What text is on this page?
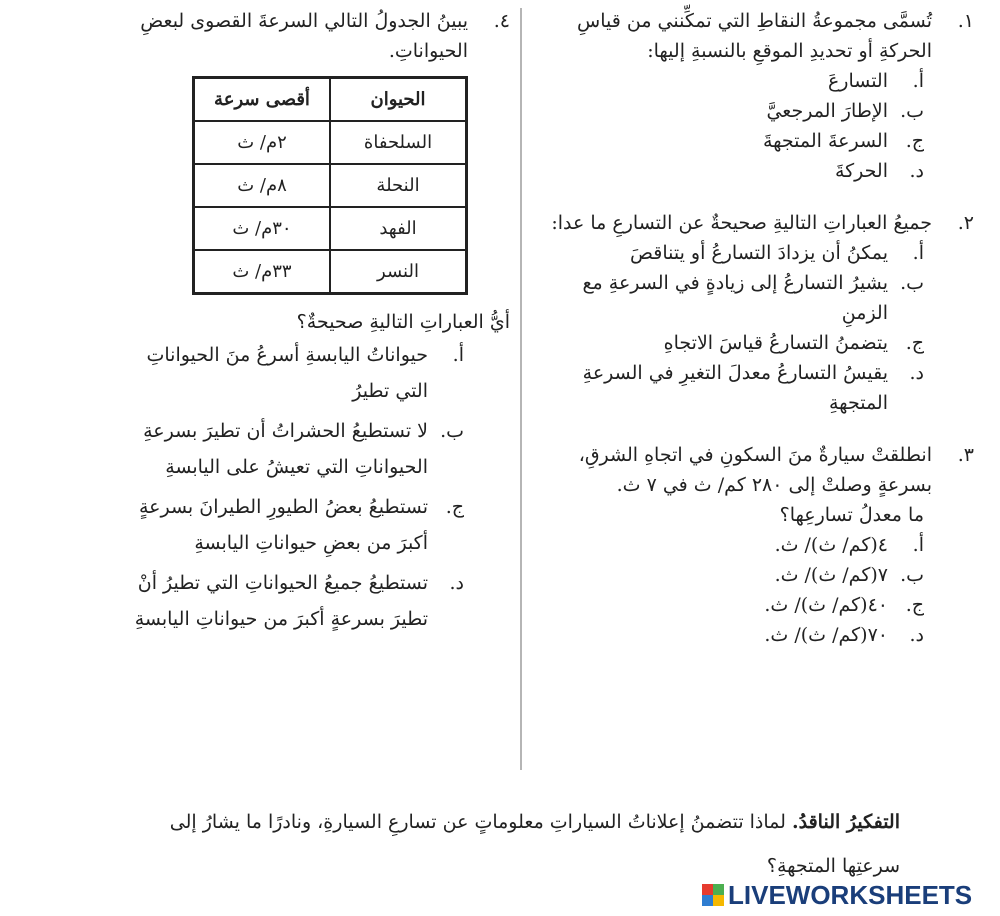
١.
تُسمَّى مجموعةُ النقاطِ التي تمكِّنني من قياسِ الحركةِ أو تحديدِ الموقعِ بالنسبةِ إليها:
أ.
التسارعَ
ب.
الإطارَ المرجعيَّ
ج.
السرعةَ المتجهةَ
د.
الحركةَ
٢.
جميعُ العباراتِ التاليةِ صحيحةٌ عن التسارعِ ما عدا:
أ.
يمكنُ أن يزدادَ التسارعُ أو يتناقصَ
ب.
يشيرُ التسارعُ إلى زيادةٍ في السرعةِ مع الزمنِ
ج.
يتضمنُ التسارعُ قياسَ الاتجاهِ
د.
يقيسُ التسارعُ معدلَ التغيرِ في السرعةِ المتجهةِ
٣.
انطلقتْ سيارةٌ منَ السكونِ في اتجاهِ الشرقِ، بسرعةٍ وصلتْ إلى ٢٨٠ كم/ ث في ٧ ث.
ما معدلُ تسارعِها؟
أ.
٤(كم/ ث)/ ث.
ب.
٧(كم/ ث)/ ث.
ج.
٤٠(كم/ ث)/ ث.
د.
٧٠(كم/ ث)/ ث.
٤.
يبينُ الجدولُ التالي السرعةَ القصوى لبعضِ الحيواناتِ.
الحيوان	أقصى سرعة
السلحفاة	٢م/ ث
النحلة	٨م/ ث
الفهد	٣٠م/ ث
النسر	٣٣م/ ث
أيُّ العباراتِ التاليةِ صحيحةٌ؟
أ.
حيواناتُ اليابسةِ أسرعُ منَ الحيواناتِ التي تطيرُ
ب.
لا تستطيعُ الحشراتُ أن تطيرَ بسرعةِ الحيواناتِ التي تعيشُ على اليابسةِ
ج.
تستطيعُ بعضُ الطيورِ الطيرانَ بسرعةٍ أكبرَ من بعضِ حيواناتِ اليابسةِ
د.
تستطيعُ جميعُ الحيواناتِ التي تطيرُ أنْ تطيرَ بسرعةٍ أكبرَ من حيواناتِ اليابسةِ
التفكيرُ الناقدُ. لماذا تتضمنُ إعلاناتُ السياراتِ معلوماتٍ عن تسارعِ السيارةِ، ونادرًا ما يشارُ إلى سرعتِها المتجهةِ؟
LIVEWORKSHEETS
